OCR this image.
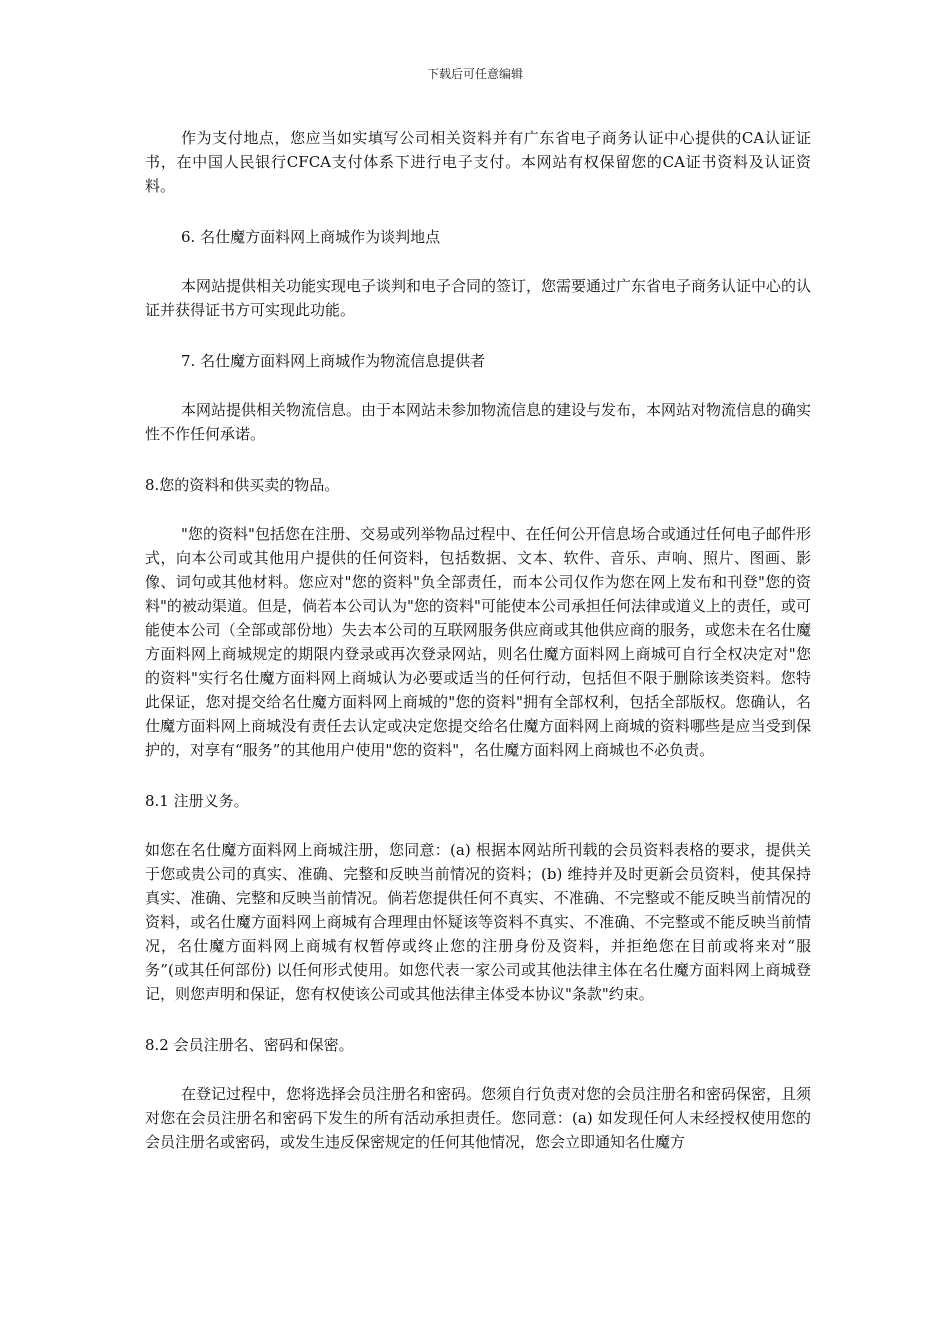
下载后可任意编辑

作为支付地点，您应当如实填写公司相关资料并有广东省电子商务认证中心提供的CA认证证书，在中国人民银行CFCA支付体系下进行电子支付。本网站有权保留您的CA证书资料及认证资料。

6. 名仕魔方面料网上商城作为谈判地点

本网站提供相关功能实现电子谈判和电子合同的签订，您需要通过广东省电子商务认证中心的认证并获得证书方可实现此功能。

7. 名仕魔方面料网上商城作为物流信息提供者

本网站提供相关物流信息。由于本网站未参加物流信息的建设与发布，本网站对物流信息的确实性不作任何承诺。

8.您的资料和供买卖的物品。

"您的资料"包括您在注册、交易或列举物品过程中、在任何公开信息场合或通过任何电子邮件形式，向本公司或其他用户提供的任何资料，包括数据、文本、软件、音乐、声响、照片、图画、影像、词句或其他材料。您应对"您的资料"负全部责任，而本公司仅作为您在网上发布和刊登"您的资料"的被动渠道。但是，倘若本公司认为"您的资料"可能使本公司承担任何法律或道义上的责任，或可能使本公司（全部或部份地）失去本公司的互联网服务供应商或其他供应商的服务，或您未在名仕魔方面料网上商城规定的期限内登录或再次登录网站，则名仕魔方面料网上商城可自行全权决定对"您的资料"实行名仕魔方面料网上商城认为必要或适当的任何行动，包括但不限于删除该类资料。您特此保证，您对提交给名仕魔方面料网上商城的"您的资料"拥有全部权利，包括全部版权。您确认，名仕魔方面料网上商城没有责任去认定或决定您提交给名仕魔方面料网上商城的资料哪些是应当受到保护的，对享有“服务”的其他用户使用"您的资料"，名仕魔方面料网上商城也不必负责。

8.1 注册义务。

如您在名仕魔方面料网上商城注册，您同意：(a) 根据本网站所刊载的会员资料表格的要求，提供关于您或贵公司的真实、准确、完整和反映当前情况的资料；(b) 维持并及时更新会员资料，使其保持真实、准确、完整和反映当前情况。倘若您提供任何不真实、不准确、不完整或不能反映当前情况的资料，或名仕魔方面料网上商城有合理理由怀疑该等资料不真实、不准确、不完整或不能反映当前情况，名仕魔方面料网上商城有权暂停或终止您的注册身份及资料，并拒绝您在目前或将来对“服务”(或其任何部份) 以任何形式使用。如您代表一家公司或其他法律主体在名仕魔方面料网上商城登记，则您声明和保证，您有权使该公司或其他法律主体受本协议"条款"约束。

8.2 会员注册名、密码和保密。

在登记过程中，您将选择会员注册名和密码。您须自行负责对您的会员注册名和密码保密，且须对您在会员注册名和密码下发生的所有活动承担责任。您同意：(a) 如发现任何人未经授权使用您的会员注册名或密码，或发生违反保密规定的任何其他情况，您会立即通知名仕魔方
